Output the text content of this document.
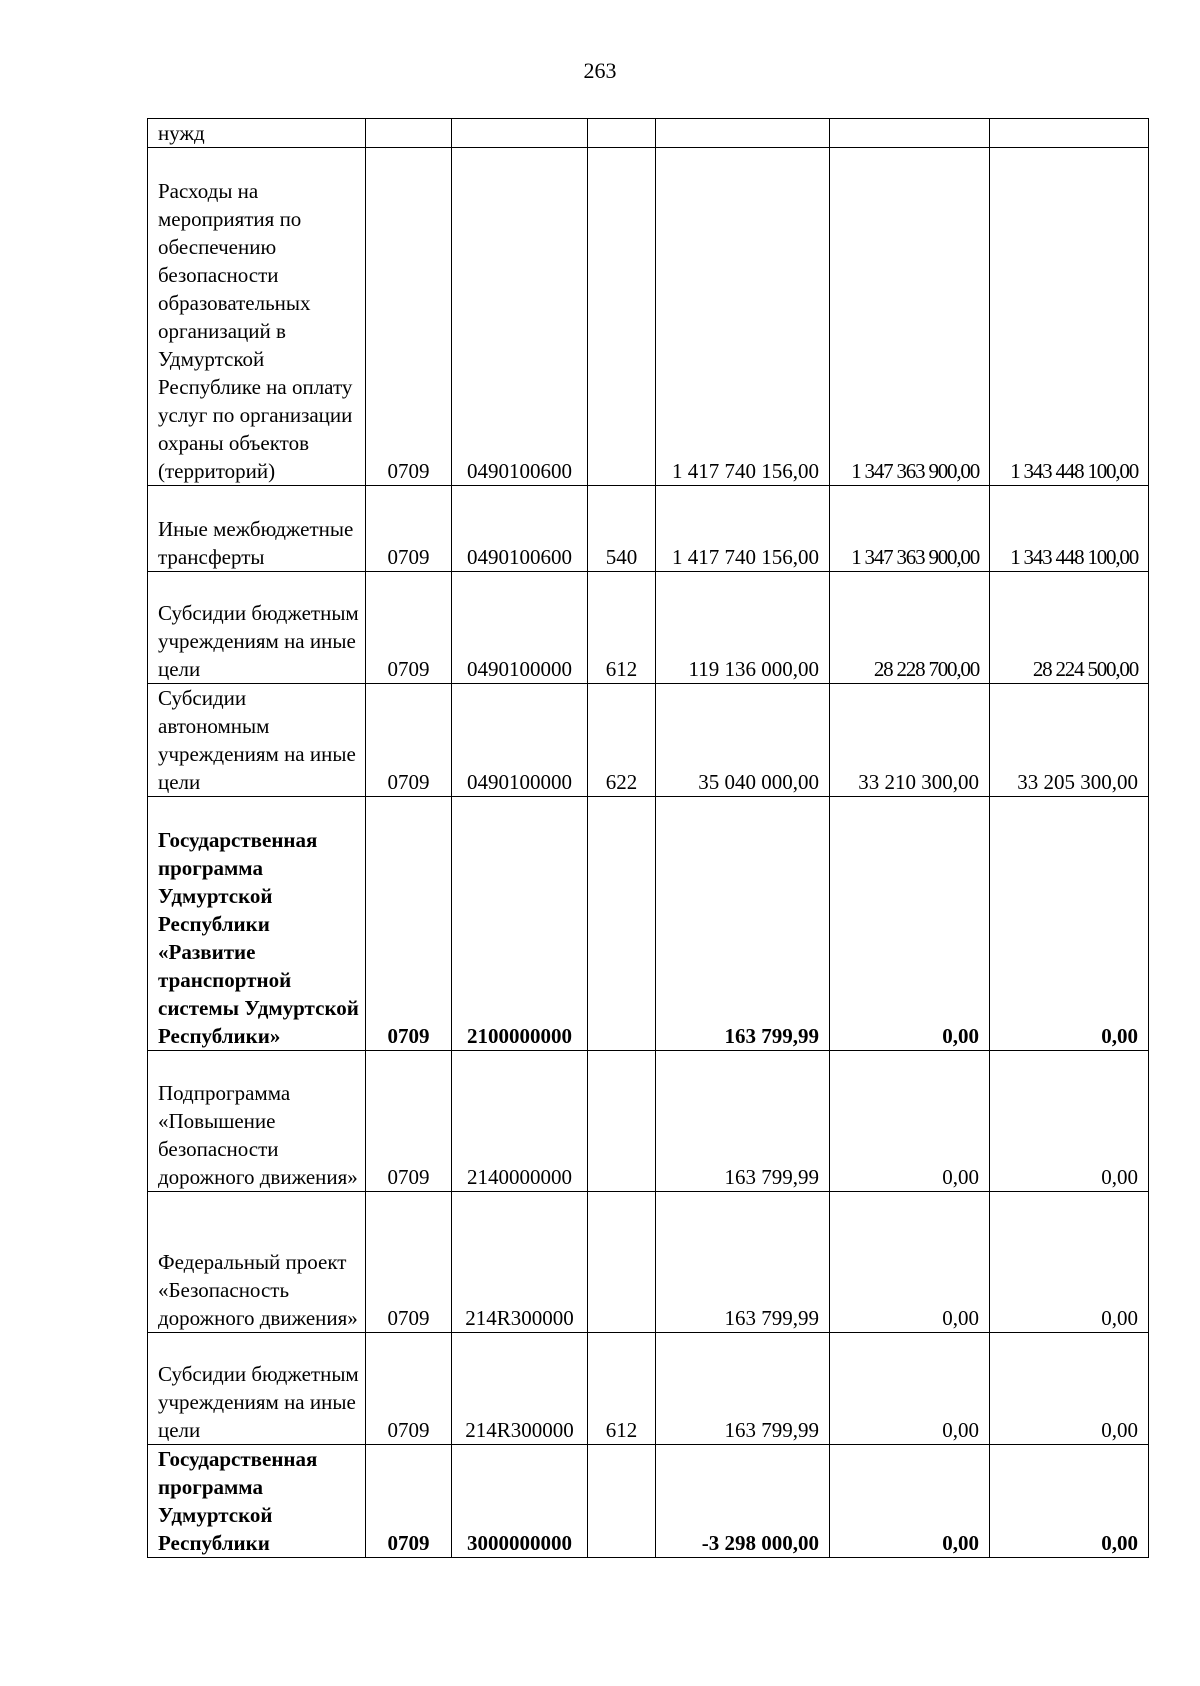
263
нужд						
Расходы на мероприятия по обеспечению безопасности образовательных организаций в Удмуртской Республике на оплату услуг по организации охраны объектов (территорий)	0709	0490100600		1 417 740 156,00	1 347 363 900,00	1 343 448 100,00
Иные межбюджетные трансферты	0709	0490100600	540	1 417 740 156,00	1 347 363 900,00	1 343 448 100,00
Субсидии бюджетным учреждениям на иные цели	0709	0490100000	612	119 136 000,00	28 228 700,00	28 224 500,00
Субсидии автономным учреждениям на иные цели	0709	0490100000	622	35 040 000,00	33 210 300,00	33 205 300,00
Государственная программа Удмуртской Республики «Развитие транспортной системы Удмуртской Республики»	0709	2100000000		163 799,99	0,00	0,00
Подпрограмма «Повышение безопасности дорожного движения»	0709	2140000000		163 799,99	0,00	0,00
Федеральный проект «Безопасность дорожного движения»	0709	214R300000		163 799,99	0,00	0,00
Субсидии бюджетным учреждениям на иные цели	0709	214R300000	612	163 799,99	0,00	0,00
Государственная программа Удмуртской Республики	0709	3000000000		-3 298 000,00	0,00	0,00
